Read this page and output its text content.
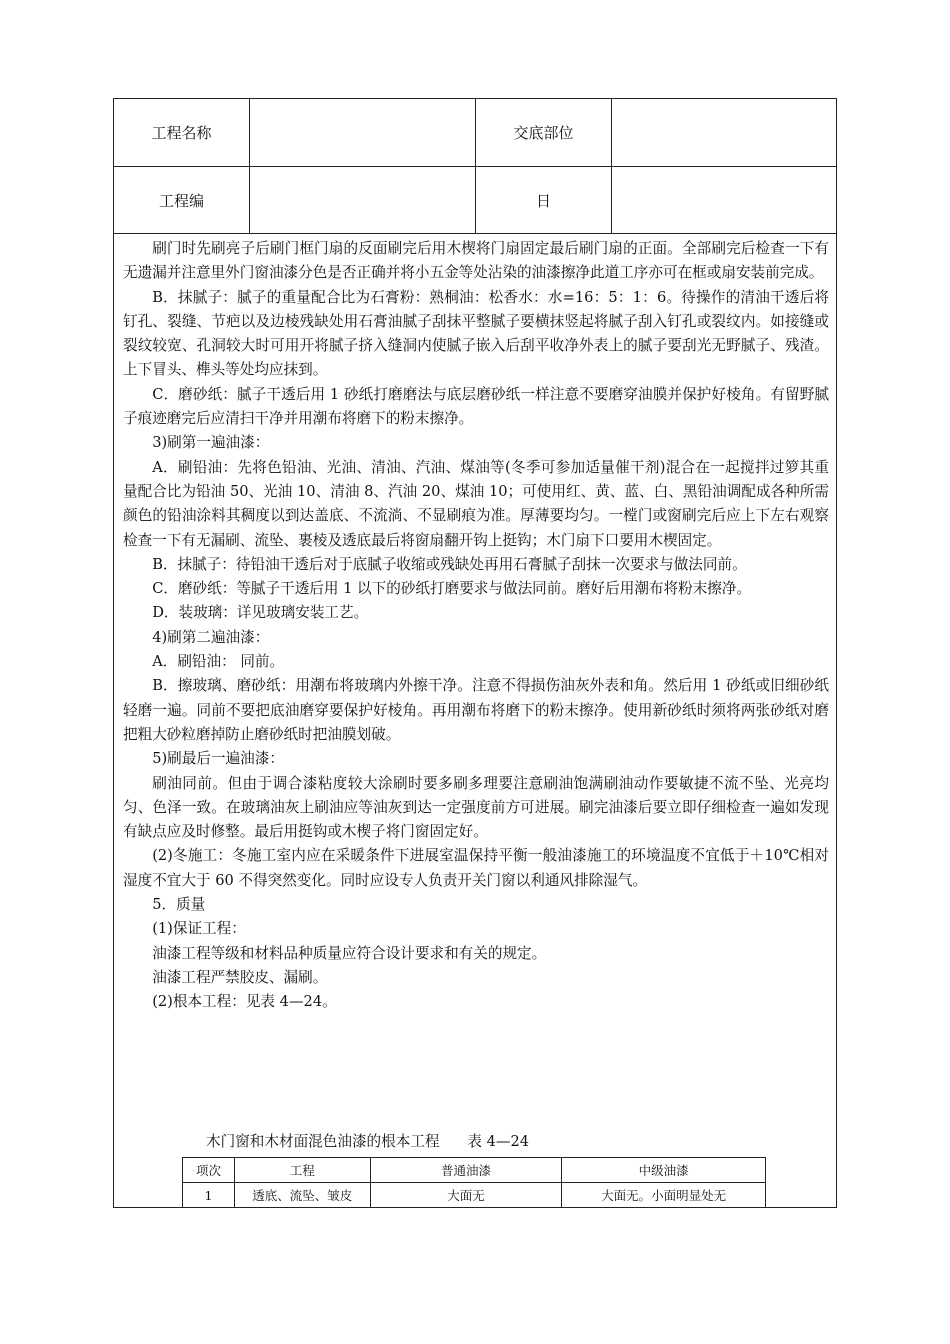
工程名称	交底部位
工程编	日

刷门时先刷亮子后刷门框门扇的反面刷完后用木楔将门扇固定最后刷门扇的正面。全部刷完后检查一下有无遗漏并注意里外门窗油漆分色是否正确并将小五金等处沾染的油漆擦净此道工序亦可在框或扇安装前完成。

B．抹腻子：腻子的重量配合比为石膏粉：熟桐油：松香水：水=16：5：1：6。待操作的清油干透后将钉孔、裂缝、节疤以及边棱残缺处用石膏油腻子刮抹平整腻子要横抹竖起将腻子刮入钉孔或裂纹内。如接缝或裂纹较宽、孔洞较大时可用开将腻子挤入缝洞内使腻子嵌入后刮平收净外表上的腻子要刮光无野腻子、残渣。上下冒头、榫头等处均应抹到。

C．磨砂纸：腻子干透后用 1 砂纸打磨磨法与底层磨砂纸一样注意不要磨穿油膜并保护好棱角。有留野腻子痕迹磨完后应清扫干净并用潮布将磨下的粉末擦净。

3)刷第一遍油漆：

A．刷铅油：先将色铅油、光油、清油、汽油、煤油等(冬季可参加适量催干剂)混合在一起搅拌过箩其重量配合比为铅油 50、光油 10、清油 8、汽油 20、煤油 10；可使用红、黄、蓝、白、黑铅油调配成各种所需颜色的铅油涂料其稠度以到达盖底、不流淌、不显刷痕为准。厚薄要均匀。一樘门或窗刷完后应上下左右观察检查一下有无漏刷、流坠、裹棱及透底最后将窗扇翻开钩上挺钩；木门扇下口要用木楔固定。

B．抹腻子：待铅油干透后对于底腻子收缩或残缺处再用石膏腻子刮抹一次要求与做法同前。

C．磨砂纸：等腻子干透后用 1 以下的砂纸打磨要求与做法同前。磨好后用潮布将粉末擦净。

D．装玻璃：详见玻璃安装工艺。

4)刷第二遍油漆：

A．刷铅油： 同前。

B．擦玻璃、磨砂纸：用潮布将玻璃内外擦干净。注意不得损伤油灰外表和角。然后用 1 砂纸或旧细砂纸轻磨一遍。同前不要把底油磨穿要保护好棱角。再用潮布将磨下的粉末擦净。使用新砂纸时须将两张砂纸对磨把粗大砂粒磨掉防止磨砂纸时把油膜划破。

5)刷最后一遍油漆：

刷油同前。但由于调合漆粘度较大涂刷时要多刷多理要注意刷油饱满刷油动作要敏捷不流不坠、光亮均匀、色泽一致。在玻璃油灰上刷油应等油灰到达一定强度前方可进展。刷完油漆后要立即仔细检查一遍如发现有缺点应及时修整。最后用挺钩或木楔子将门窗固定好。

(2)冬施工：冬施工室内应在采暖条件下进展室温保持平衡一般油漆施工的环境温度不宜低于＋10℃相对湿度不宜大于 60 不得突然变化。同时应设专人负责开关门窗以利通风排除湿气。

5．质量

(1)保证工程：

油漆工程等级和材料品种质量应符合设计要求和有关的规定。

油漆工程严禁胶皮、漏刷。

(2)根本工程：见表 4—24。

木门窗和木材面混色油漆的根本工程      表 4—24
项次	工程	普通油漆	中级油漆
1	透底、流坠、皱皮	大面无	大面无。小面明显处无
